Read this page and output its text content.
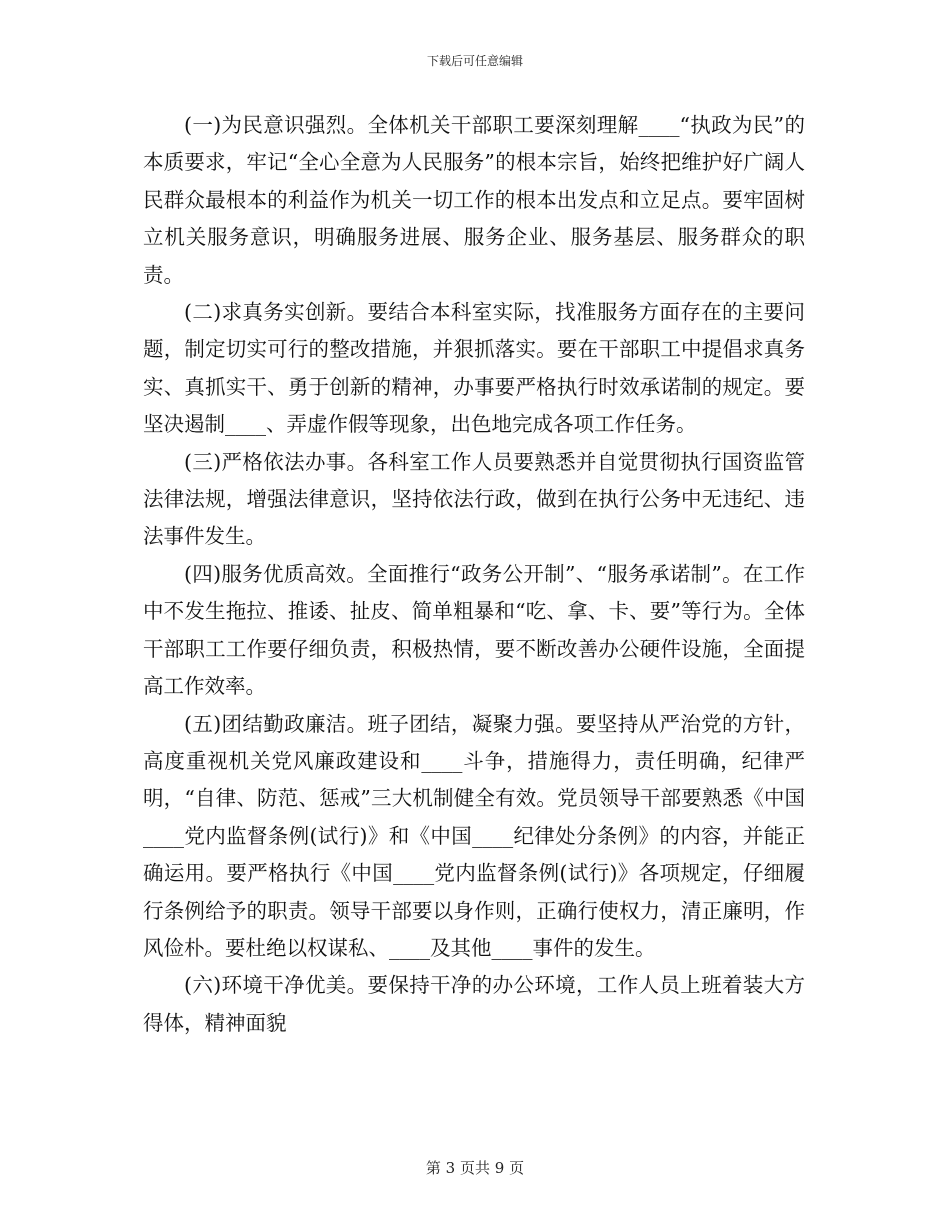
下载后可任意编辑

(一)为民意识强烈。全体机关干部职工要深刻理解____“执政为民”的本质要求，牢记“全心全意为人民服务”的根本宗旨，始终把维护好广阔人民群众最根本的利益作为机关一切工作的根本出发点和立足点。要牢固树立机关服务意识，明确服务进展、服务企业、服务基层、服务群众的职责。

(二)求真务实创新。要结合本科室实际，找准服务方面存在的主要问题，制定切实可行的整改措施，并狠抓落实。要在干部职工中提倡求真务实、真抓实干、勇于创新的精神，办事要严格执行时效承诺制的规定。要坚决遏制____、弄虚作假等现象，出色地完成各项工作任务。

(三)严格依法办事。各科室工作人员要熟悉并自觉贯彻执行国资监管法律法规，增强法律意识，坚持依法行政，做到在执行公务中无违纪、违法事件发生。

(四)服务优质高效。全面推行“政务公开制”、“服务承诺制”。在工作中不发生拖拉、推诿、扯皮、简单粗暴和“吃、拿、卡、要”等行为。全体干部职工工作要仔细负责，积极热情，要不断改善办公硬件设施，全面提高工作效率。

(五)团结勤政廉洁。班子团结，凝聚力强。要坚持从严治党的方针，高度重视机关党风廉政建设和____斗争，措施得力，责任明确，纪律严明，“自律、防范、惩戒”三大机制健全有效。党员领导干部要熟悉《中国____党内监督条例(试行)》和《中国____纪律处分条例》的内容，并能正确运用。要严格执行《中国____党内监督条例(试行)》各项规定，仔细履行条例给予的职责。领导干部要以身作则，正确行使权力，清正廉明，作风俭朴。要杜绝以权谋私、____及其他____事件的发生。

(六)环境干净优美。要保持干净的办公环境，工作人员上班着装大方得体，精神面貌

第 3 页共 9 页
